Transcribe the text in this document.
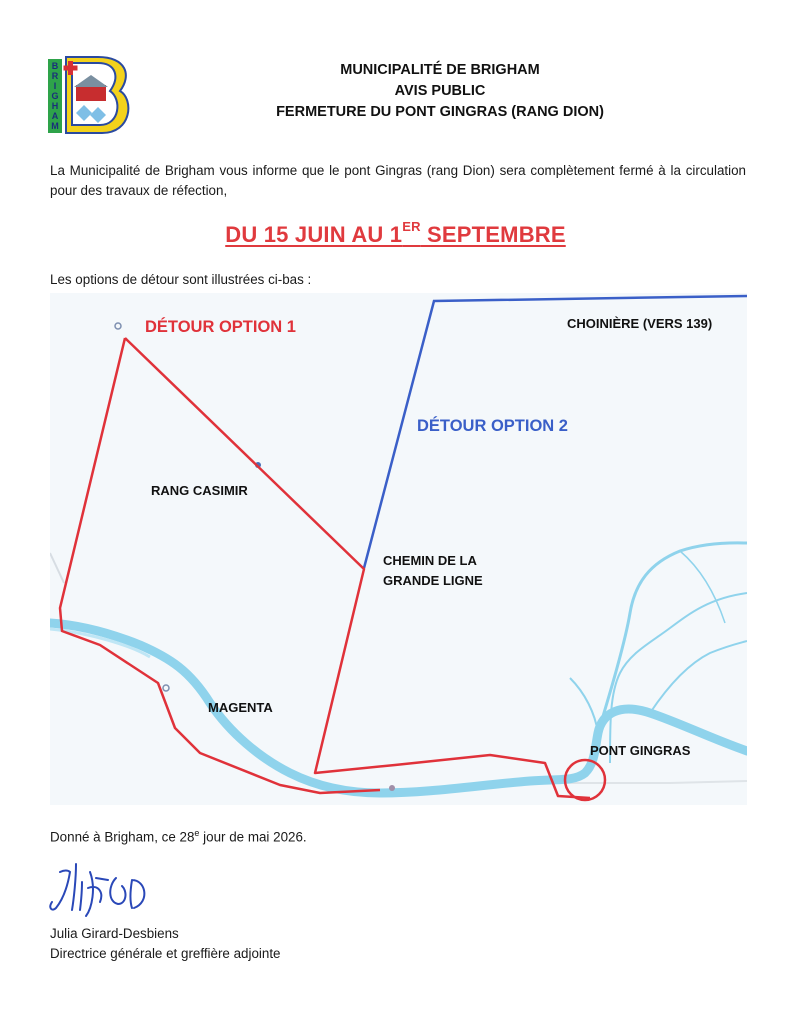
B
R
I
G
H
A
M
MUNICIPALITÉ DE BRIGHAM
AVIS PUBLIC
FERMETURE DU PONT GINGRAS (RANG DION)
La Municipalité de Brigham vous informe que le pont Gingras (rang Dion) sera complètement fermé à la circulation pour des travaux de réfection,
DU 15 JUIN AU 1ER SEPTEMBRE
Les options de détour sont illustrées ci-bas :
DÉTOUR OPTION 1
DÉTOUR OPTION 2
CHOINIÈRE (VERS 139)
RANG CASIMIR
CHEMIN DE LA
GRANDE LIGNE
MAGENTA
PONT GINGRAS
Donné à Brigham, ce 28e jour de mai 2026.
Julia Girard-Desbiens
Directrice générale et greffière adjointe
